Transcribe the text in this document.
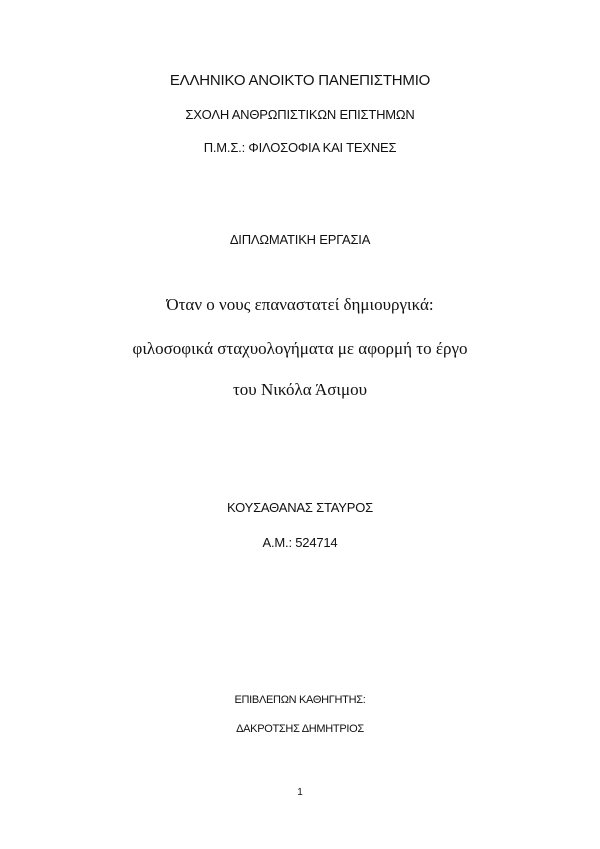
ΕΛΛΗΝΙΚΟ ΑΝΟΙΚΤΟ ΠΑΝΕΠΙΣΤΗΜΙΟ
ΣΧΟΛΗ ΑΝΘΡΩΠΙΣΤΙΚΩΝ ΕΠΙΣΤΗΜΩΝ
Π.Μ.Σ.: ΦΙΛΟΣΟΦΙΑ ΚΑΙ ΤΕΧΝΕΣ
ΔΙΠΛΩΜΑΤΙΚΗ ΕΡΓΑΣΙΑ
Όταν ο νους επαναστατεί δημιουργικά:
φιλοσοφικά σταχυολογήματα με αφορμή το έργο
του Νικόλα Άσιμου
ΚΟΥΣΑΘΑΝΑΣ ΣΤΑΥΡΟΣ
Α.Μ.: 524714
ΕΠΙΒΛΕΠΩΝ ΚΑΘΗΓΗΤΗΣ:
ΔΑΚΡΟΤΣΗΣ ΔΗΜΗΤΡΙΟΣ
1
